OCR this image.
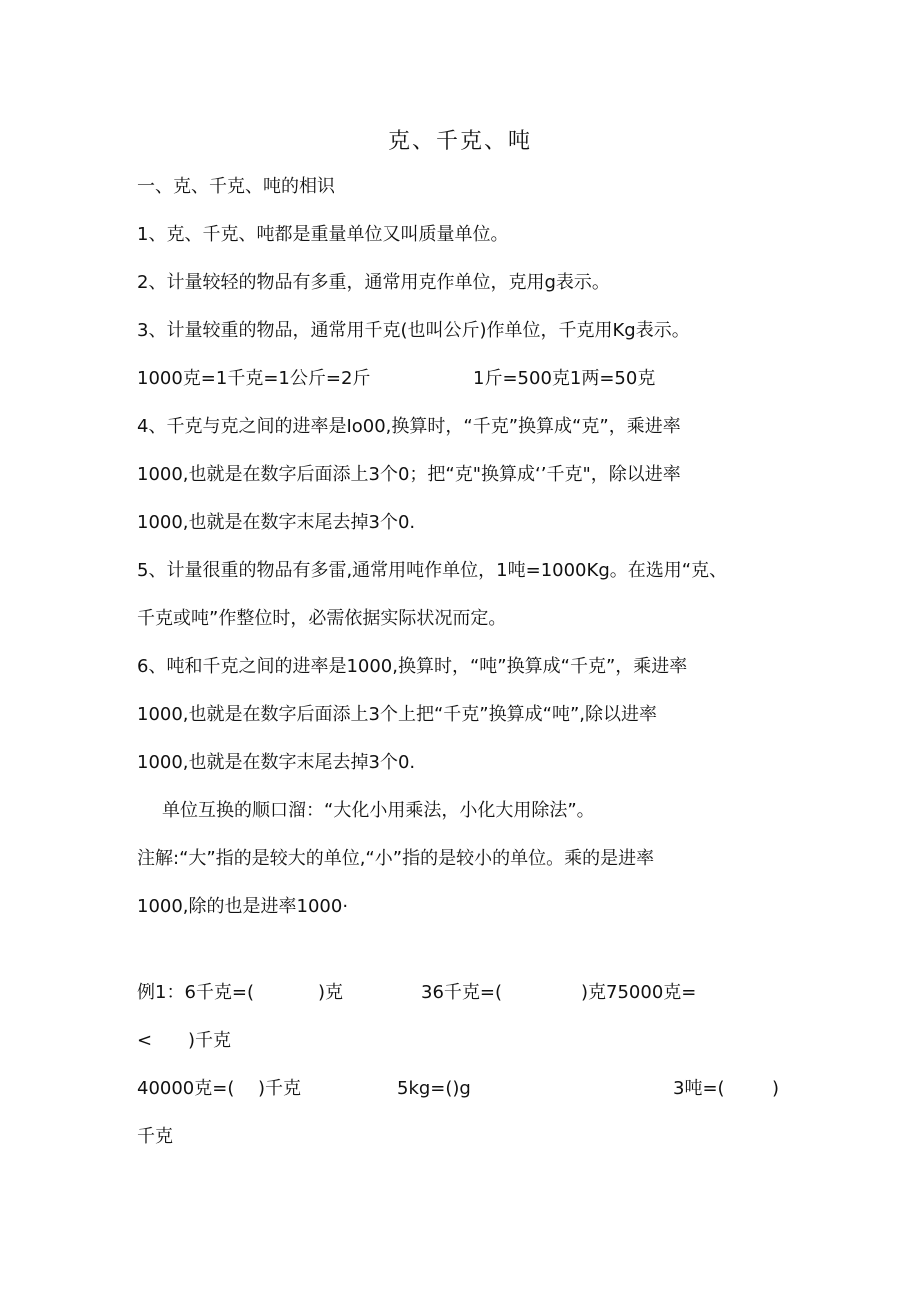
克、千克、吨
一、克、千克、吨的相识
1、克、千克、吨都是重量单位又叫质量单位。
2、计量较轻的物品有多重，通常用克作单位，克用g表示。
3、计量较重的物品，通常用千克(也叫公斤)作单位，千克用Kg表示。
1000克=1千克=1公斤=2斤	1斤=500克1两=50克
4、千克与克之间的进率是Io00,换算时，“千克”换算成“克”，乘进率
1000,也就是在数字后面添上3个0；把“克"换算成‘’千克"，除以进率
1000,也就是在数字末尾去掉3个0.
5、计量很重的物品有多雷,通常用吨作单位，1吨=1000Kg。在选用“克、
千克或吨”作整位时，必需依据实际状况而定。
6、吨和千克之间的进率是1000,换算时，“吨”换算成“千克”，乘进率
1000,也就是在数字后面添上3个上把“千克”换算成“吨”,除以进率
1000,也就是在数字末尾去掉3个0.
单位互换的顺口溜：“大化小用乘法，小化大用除法”。
注解:“大”指的是较大的单位,“小”指的是较小的单位。乘的是进率
1000,除的也是进率1000·
例1：6千克=(	)克	36千克=(	)克75000克=
< )千克
40000克=( )千克	5kg=()g	3吨=(	)
千克
